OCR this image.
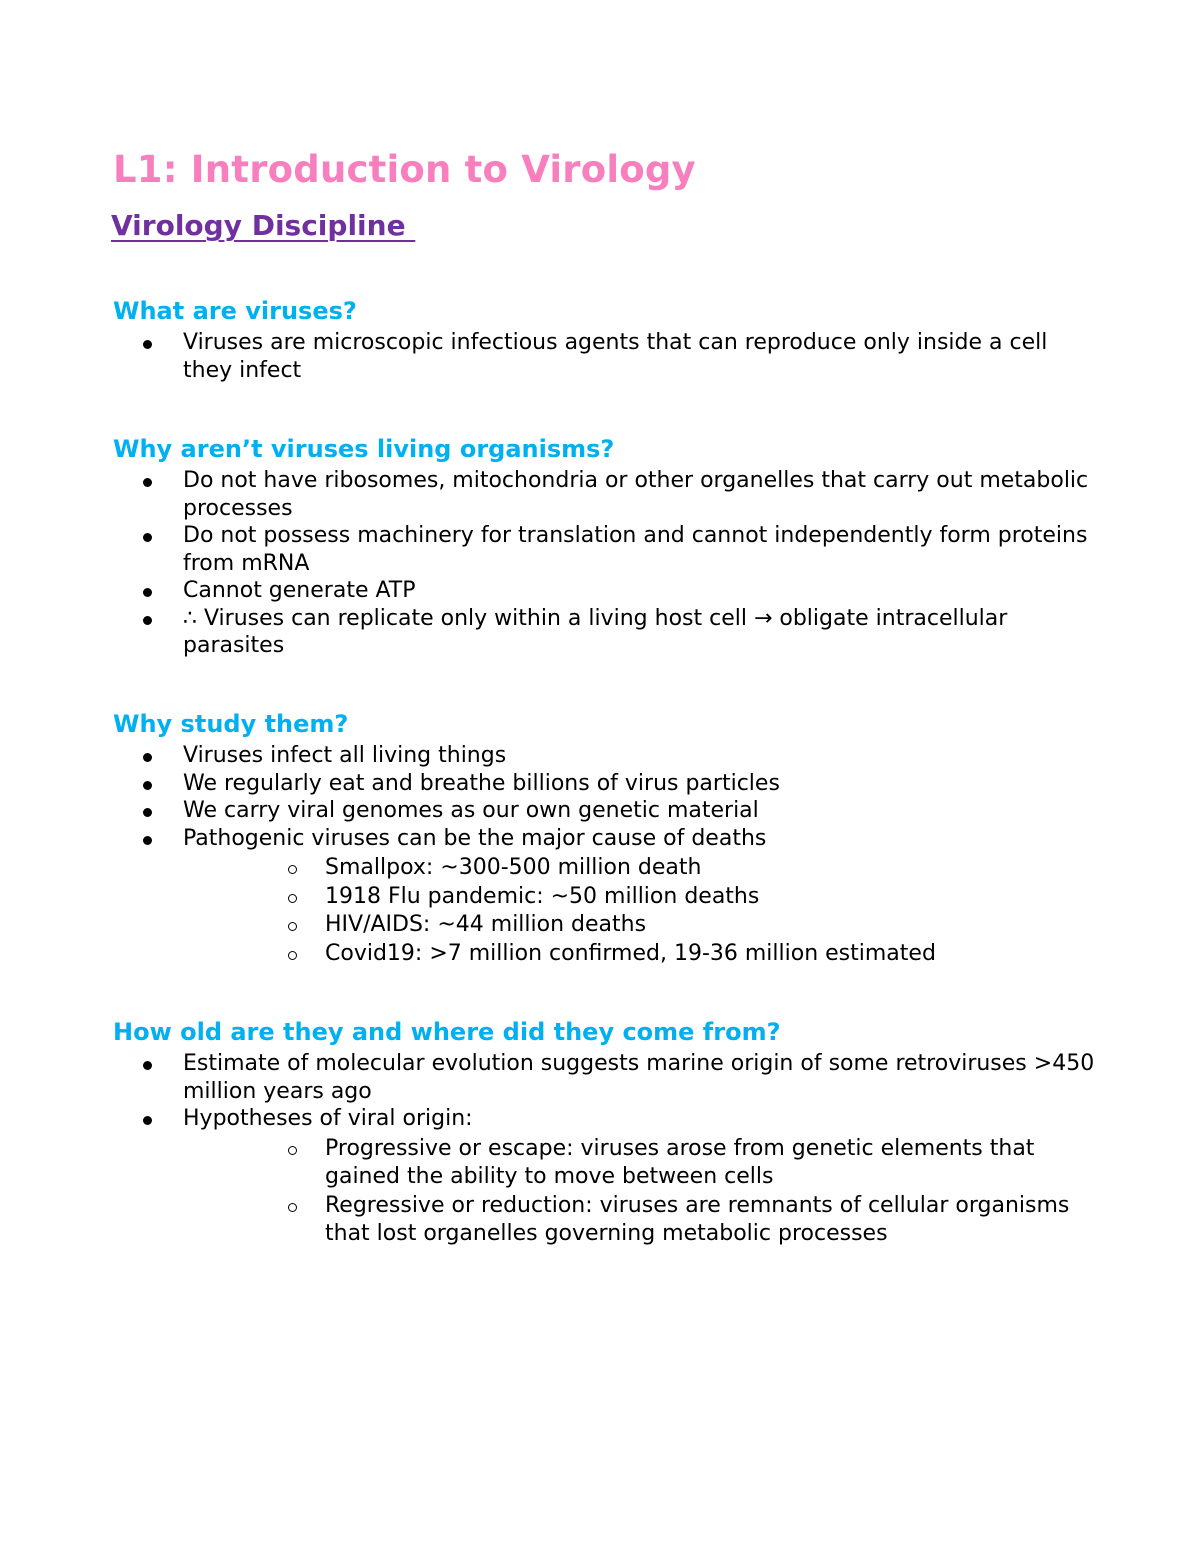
L1: Introduction to Virology
Virology Discipline
What are viruses?
Viruses are microscopic infectious agents that can reproduce only inside a cell they infect
Why aren’t viruses living organisms?
Do not have ribosomes, mitochondria or other organelles that carry out metabolic processes
Do not possess machinery for translation and cannot independently form proteins from mRNA
Cannot generate ATP
∴ Viruses can replicate only within a living host cell → obligate intracellular parasites
Why study them?
Viruses infect all living things
We regularly eat and breathe billions of virus particles
We carry viral genomes as our own genetic material
Pathogenic viruses can be the major cause of deaths
Smallpox: ~300-500 million death
1918 Flu pandemic: ~50 million deaths
HIV/AIDS: ~44 million deaths
Covid19: >7 million confirmed, 19-36 million estimated
How old are they and where did they come from?
Estimate of molecular evolution suggests marine origin of some retroviruses >450 million years ago
Hypotheses of viral origin:
Progressive or escape: viruses arose from genetic elements that gained the ability to move between cells
Regressive or reduction: viruses are remnants of cellular organisms that lost organelles governing metabolic processes
